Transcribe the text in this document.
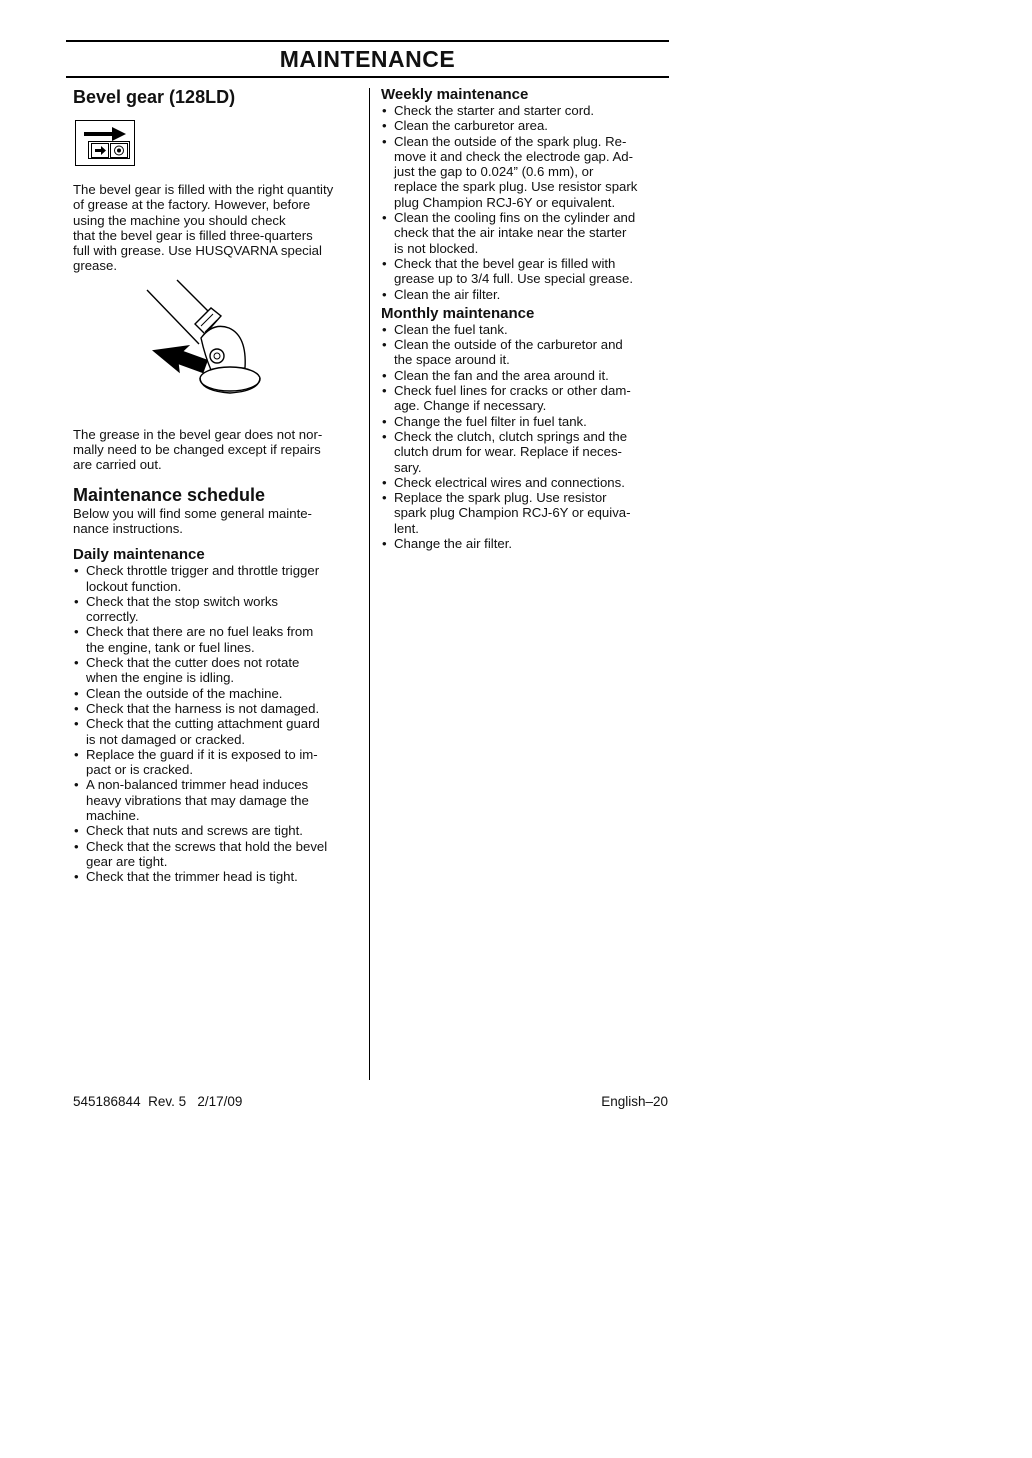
MAINTENANCE
Bevel gear (128LD)

The bevel gear is filled with the right quantity

of grease at the factory. However, before

using the machine you should check

that the bevel gear is filled three-quarters

full with grease. Use HUSQVARNA special

grease.

The grease in the bevel gear does not nor-

mally need to be changed except if repairs

are carried out.

Maintenance schedule

Below you will find some general mainte-

nance instructions.

Daily maintenance
• Check throttle trigger and throttle trigger
lockout function.
• Check that the stop switch works
correctly.
• Check that there are no fuel leaks from
the engine, tank or fuel lines.
• Check that the cutter does not rotate
when the engine is idling.
• Clean the outside of the machine.
• Check that the harness is not damaged.
• Check that the cutting attachment guard
is not damaged or cracked.
• Replace the guard if it is exposed to im-
pact or is cracked.
• A non-balanced trimmer head induces
heavy vibrations that may damage the
machine.
• Check that nuts and screws are tight.
• Check that the screws that hold the bevel
gear are tight.
• Check that the trimmer head is tight.
Weekly maintenance
• Check the starter and starter cord.
• Clean the carburetor area.
• Clean the outside of the spark plug. Re-
move it and check the electrode gap. Ad-
just the gap to 0.024” (0.6 mm), or
replace the spark plug. Use resistor spark
plug Champion RCJ-6Y or equivalent.
• Clean the cooling fins on the cylinder and
check that the air intake near the starter
is not blocked.
• Check that the bevel gear is filled with
grease up to 3/4 full. Use special grease.
• Clean the air filter.
Monthly maintenance
• Clean the fuel tank.
• Clean the outside of the carburetor and
the space around it.
• Clean the fan and the area around it.
• Check fuel lines for cracks or other dam-
age. Change if necessary.
• Change the fuel filter in fuel tank.
• Check the clutch, clutch springs and the
clutch drum for wear. Replace if neces-
sary.
• Check electrical wires and connections.
• Replace the spark plug. Use resistor
spark plug Champion RCJ-6Y or equiva-
lent.
• Change the air filter.
545186844  Rev. 5   2/17/09	English–20
